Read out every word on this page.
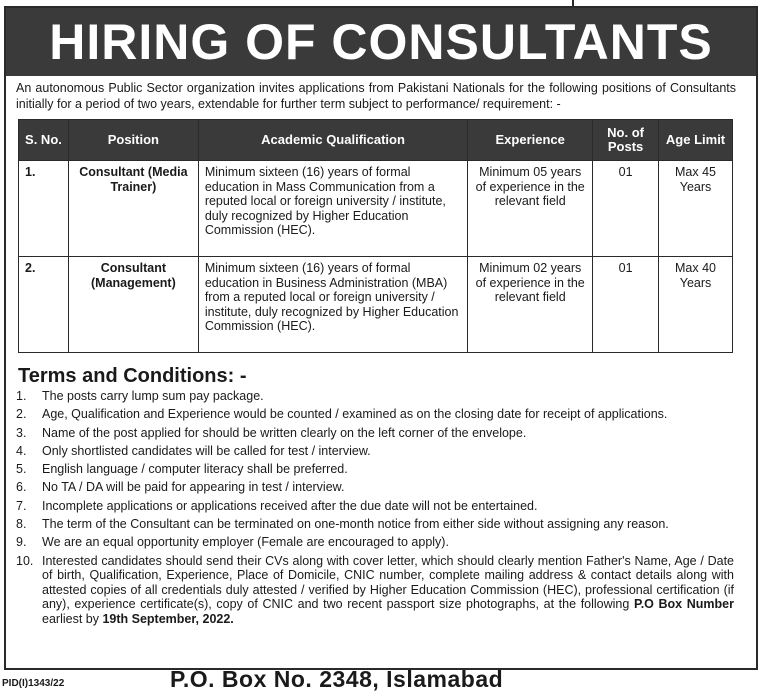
HIRING OF CONSULTANTS
An autonomous Public Sector organization invites applications from Pakistani Nationals for the following positions of Consultants initially for a period of two years, extendable for further term subject to performance/ requirement: -
S. No.	Position	Academic Qualification	Experience	No. of Posts	Age Limit
1.	Consultant (Media Trainer)	Minimum sixteen (16) years of formal education in Mass Communication from a reputed local or foreign university / institute, duly recognized by Higher Education Commission (HEC).	Minimum 05 years of experience in the relevant field	01	Max 45 Years
2.	Consultant (Management)	Minimum sixteen (16) years of formal education in Business Administration (MBA) from a reputed local or foreign university / institute, duly recognized by Higher Education Commission (HEC).	Minimum 02 years of experience in the relevant field	01	Max 40 Years
Terms and Conditions: -
1.	The posts carry lump sum pay package.
2.	Age, Qualification and Experience would be counted / examined as on the closing date for receipt of applications.
3.	Name of the post applied for should be written clearly on the left corner of the envelope.
4.	Only shortlisted candidates will be called for test / interview.
5.	English language / computer literacy shall be preferred.
6.	No TA / DA will be paid for appearing in test / interview.
7.	Incomplete applications or applications received after the due date will not be entertained.
8.	The term of the Consultant can be terminated on one-month notice from either side without assigning any reason.
9.	We are an equal opportunity employer (Female are encouraged to apply).
10. Interested candidates should send their CVs along with cover letter, which should clearly mention Father's Name, Age / Date of birth, Qualification, Experience, Place of Domicile, CNIC number, complete mailing address & contact details along with attested copies of all credentials duly attested / verified by Higher Education Commission (HEC), professional certification (if any), experience certificate(s), copy of CNIC and two recent passport size photographs, at the following P.O Box Number earliest by 19th September, 2022.
PID(I)1343/22	P.O. Box No. 2348, Islamabad
